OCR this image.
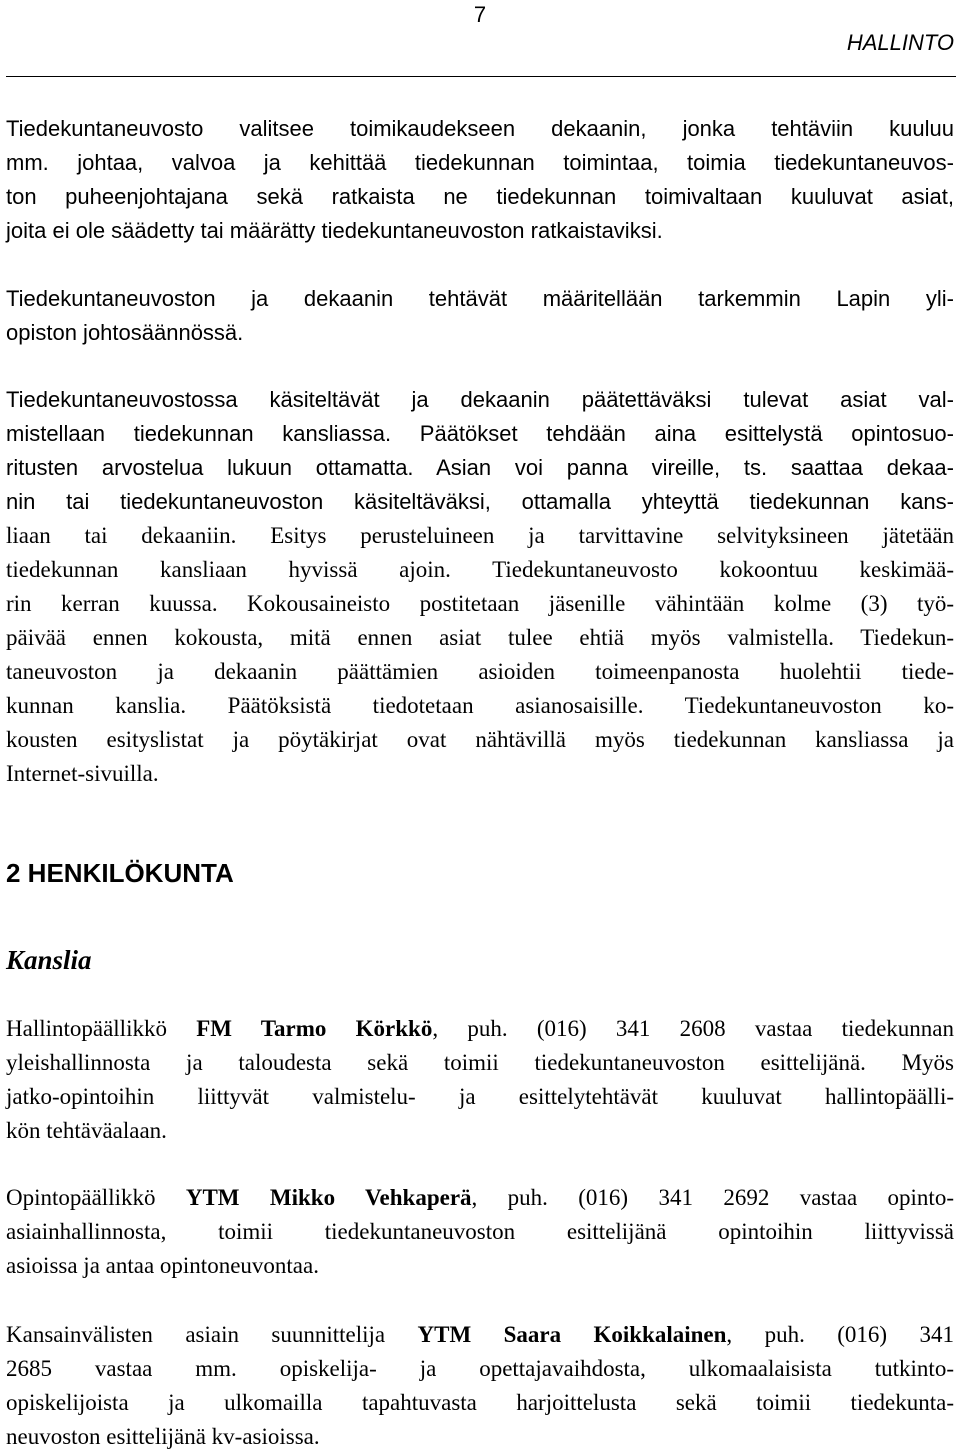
7
HALLINTO

Tiedekuntaneuvosto valitsee toimikaudekseen dekaanin, jonka tehtäviin kuuluu

mm. johtaa, valvoa ja kehittää tiedekunnan toimintaa, toimia tiedekuntaneuvos-

ton puheenjohtajana sekä ratkaista ne tiedekunnan toimivaltaan kuuluvat asiat,

joita ei ole säädetty tai määrätty tiedekuntaneuvoston ratkaistaviksi.

Tiedekuntaneuvoston ja dekaanin tehtävät määritellään tarkemmin Lapin yli-

opiston johtosäännössä.

Tiedekuntaneuvostossa käsiteltävät ja dekaanin päätettäväksi tulevat asiat val-

mistellaan tiedekunnan kansliassa. Päätökset tehdään aina esittelystä opintosuo-

ritusten arvostelua lukuun ottamatta. Asian voi panna vireille, ts. saattaa dekaa-

nin tai tiedekuntaneuvoston käsiteltäväksi, ottamalla yhteyttä tiedekunnan kans-

liaan tai dekaaniin. Esitys perusteluineen ja tarvittavine selvityksineen jätetään

tiedekunnan kansliaan hyvissä ajoin. Tiedekuntaneuvosto kokoontuu keskimää-

rin kerran kuussa. Kokousaineisto postitetaan jäsenille vähintään kolme (3) työ-

päivää ennen kokousta, mitä ennen asiat tulee ehtiä myös valmistella. Tiedekun-

taneuvoston ja dekaanin päättämien asioiden toimeenpanosta huolehtii tiede-

kunnan kanslia. Päätöksistä tiedotetaan asianosaisille. Tiedekuntaneuvoston ko-

kousten esityslistat ja pöytäkirjat ovat nähtävillä myös tiedekunnan kansliassa ja

Internet-sivuilla.

2 HENKILÖKUNTA
Kanslia

Hallintopäällikkö FM Tarmo Körkkö, puh. (016) 341 2608 vastaa tiedekunnan

yleishallinnosta ja taloudesta sekä toimii tiedekuntaneuvoston esittelijänä. Myös

jatko-opintoihin liittyvät valmistelu- ja esittelytehtävät kuuluvat hallintopäälli-

kön tehtäväalaan.

Opintopäällikkö YTM Mikko Vehkaperä, puh. (016) 341 2692 vastaa opinto-

asiainhallinnosta, toimii tiedekuntaneuvoston esittelijänä opintoihin liittyvissä

asioissa ja antaa opintoneuvontaa.

Kansainvälisten asiain suunnittelija YTM Saara Koikkalainen, puh. (016) 341

2685 vastaa mm. opiskelija- ja opettajavaihdosta, ulkomaalaisista tutkinto-

opiskelijoista ja ulkomailla tapahtuvasta harjoittelusta sekä toimii tiedekunta-

neuvoston esittelijänä kv-asioissa.
